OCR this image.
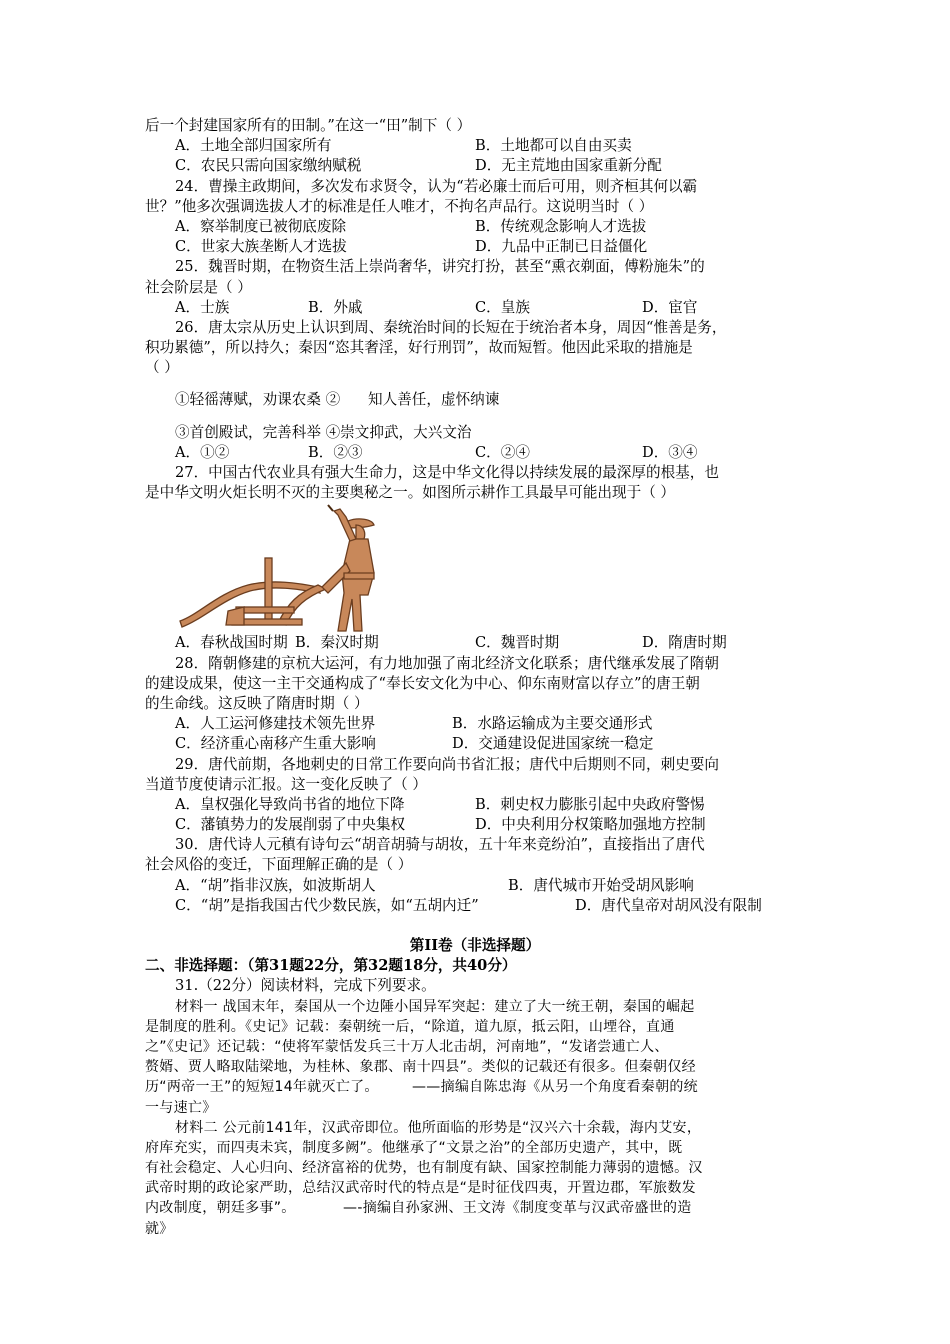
后一个封建国家所有的田制。”在这一“田”制下（ ）
A．土地全部归国家所有	B．土地都可以自由买卖
C．农民只需向国家缴纳赋税	D．无主荒地由国家重新分配
24．曹操主政期间，多次发布求贤令，认为“若必廉士而后可用，则齐桓其何以霸
世？”他多次强调选拔人才的标准是任人唯才，不拘名声品行。这说明当时（ ）
A．察举制度已被彻底废除	B．传统观念影响人才选拔
C．世家大族垄断人才选拔	D．九品中正制已日益僵化
25．魏晋时期，在物资生活上崇尚奢华，讲究打扮，甚至“熏衣剃面，傅粉施朱”的
社会阶层是（ ）
A．士族	B．外戚	C．皇族	D．宦官
26．唐太宗从历史上认识到周、秦统治时间的长短在于统治者本身，周因“惟善是务，
积功累德”，所以持久；秦因“恣其奢淫，好行刑罚”，故而短暂。他因此采取的措施是
（ ）
①轻徭薄赋，劝课农桑 ②      知人善任，虚怀纳谏
③首创殿试，完善科举 ④崇文抑武，大兴文治
A．①②	B．②③	C．②④	D．③④
27．中国古代农业具有强大生命力，这是中华文化得以持续发展的最深厚的根基，也
是中华文明火炬长明不灭的主要奥秘之一。如图所示耕作工具最早可能出现于（ ）
A．春秋战国时期 B．秦汉时期	C．魏晋时期	D．隋唐时期
28．隋朝修建的京杭大运河，有力地加强了南北经济文化联系；唐代继承发展了隋朝
的建设成果，使这一主干交通构成了“奉长安文化为中心、仰东南财富以存立”的唐王朝
的生命线。这反映了隋唐时期（ ）
A．人工运河修建技术领先世界	B．水路运输成为主要交通形式
C．经济重心南移产生重大影响	D．交通建设促进国家统一稳定
29．唐代前期，各地刺史的日常工作要向尚书省汇报；唐代中后期则不同，刺史要向
当道节度使请示汇报。这一变化反映了（ ）
A．皇权强化导致尚书省的地位下降	B．刺史权力膨胀引起中央政府警惕
C．藩镇势力的发展削弱了中央集权	D．中央利用分权策略加强地方控制
30．唐代诗人元稹有诗句云“胡音胡骑与胡妆，五十年来竞纷泊”，直接指出了唐代
社会风俗的变迁，下面理解正确的是（ ）
A．“胡”指非汉族，如波斯胡人	B．唐代城市开始受胡风影响
C．“胡”是指我国古代少数民族，如“五胡内迁”	D．唐代皇帝对胡风没有限制
第II卷（非选择题）
二、非选择题：（第31题22分，第32题18分，共40分）
31.（22分）阅读材料，完成下列要求。
材料一 战国末年，秦国从一个边陲小国异军突起：建立了大一统王朝，秦国的崛起
是制度的胜利。《史记》记载：秦朝统一后，“除道，道九原，抵云阳，山堙谷，直通
之”《史记》还记载：“使将军蒙恬发兵三十万人北击胡，河南地”，“发诸尝逋亡人、
赘婿、贾人略取陆梁地，为桂林、象郡、南十四县”。类似的记载还有很多。但秦朝仅经
历“两帝一王”的短短14年就灭亡了。       ——摘编自陈忠海《从另一个角度看秦朝的统
一与速亡》
材料二 公元前141年，汉武帝即位。他所面临的形势是“汉兴六十余载，海内艾安，
府库充实，而四夷未宾，制度多阙”。他继承了“文景之治”的全部历史遗产，其中，既
有社会稳定、人心归向、经济富裕的优势，也有制度有缺、国家控制能力薄弱的遗憾。汉
武帝时期的政论家严助，总结汉武帝时代的特点是“是时征伐四夷，开置边郡，军旅数发
内改制度，朝廷多事”。          —-摘编自孙家洲、王文涛《制度变革与汉武帝盛世的造
就》
